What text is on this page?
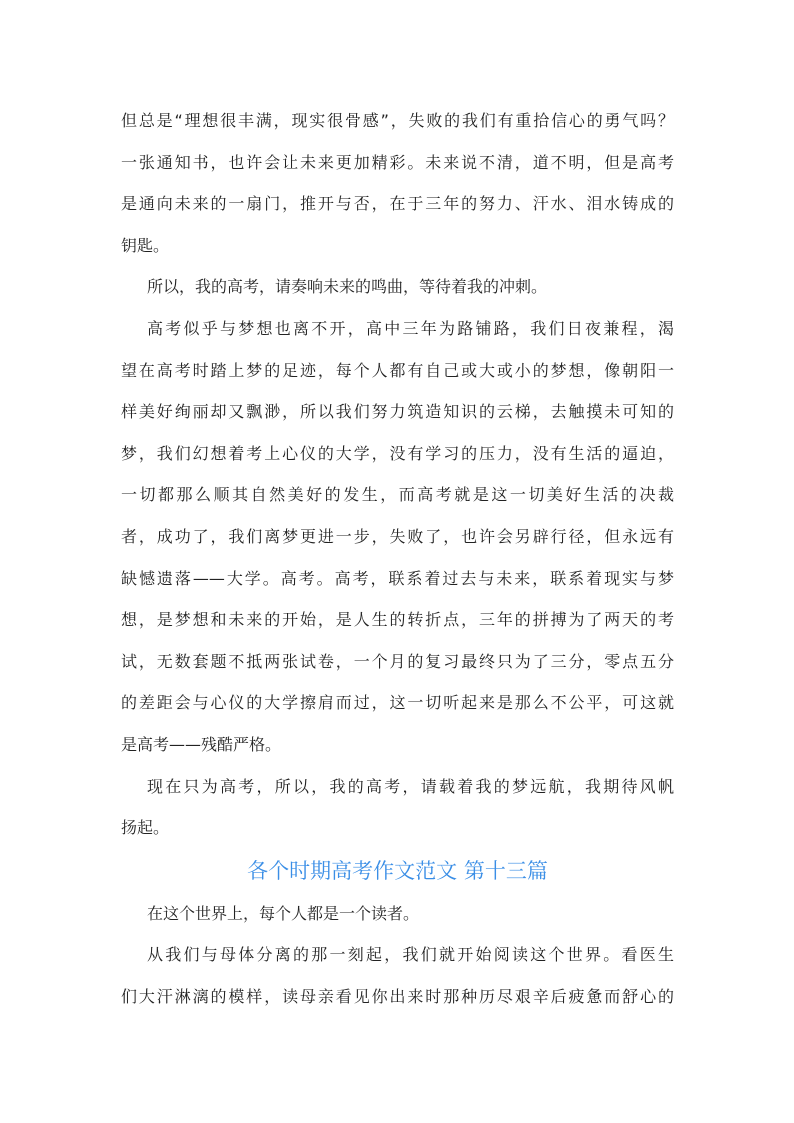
但总是“理想很丰满，现实很骨感”，失败的我们有重拾信心的勇气吗？
一张通知书，也许会让未来更加精彩。未来说不清，道不明，但是高考
是通向未来的一扇门，推开与否，在于三年的努力、汗水、泪水铸成的
钥匙。
所以，我的高考，请奏响未来的鸣曲，等待着我的冲刺。
高考似乎与梦想也离不开，高中三年为路铺路，我们日夜兼程，渴
望在高考时踏上梦的足迹，每个人都有自己或大或小的梦想，像朝阳一
样美好绚丽却又飘渺，所以我们努力筑造知识的云梯，去触摸未可知的
梦，我们幻想着考上心仪的大学，没有学习的压力，没有生活的逼迫，
一切都那么顺其自然美好的发生，而高考就是这一切美好生活的决裁
者，成功了，我们离梦更进一步，失败了，也许会另辟行径，但永远有
缺憾遗落——大学。高考。高考，联系着过去与未来，联系着现实与梦
想，是梦想和未来的开始，是人生的转折点，三年的拼搏为了两天的考
试，无数套题不抵两张试卷，一个月的复习最终只为了三分，零点五分
的差距会与心仪的大学擦肩而过，这一切听起来是那么不公平，可这就
是高考——残酷严格。
现在只为高考，所以，我的高考，请载着我的梦远航，我期待风帆
扬起。
各个时期高考作文范文 第十三篇
在这个世界上，每个人都是一个读者。
从我们与母体分离的那一刻起，我们就开始阅读这个世界。看医生
们大汗淋漓的模样，读母亲看见你出来时那种历尽艰辛后疲惫而舒心的
